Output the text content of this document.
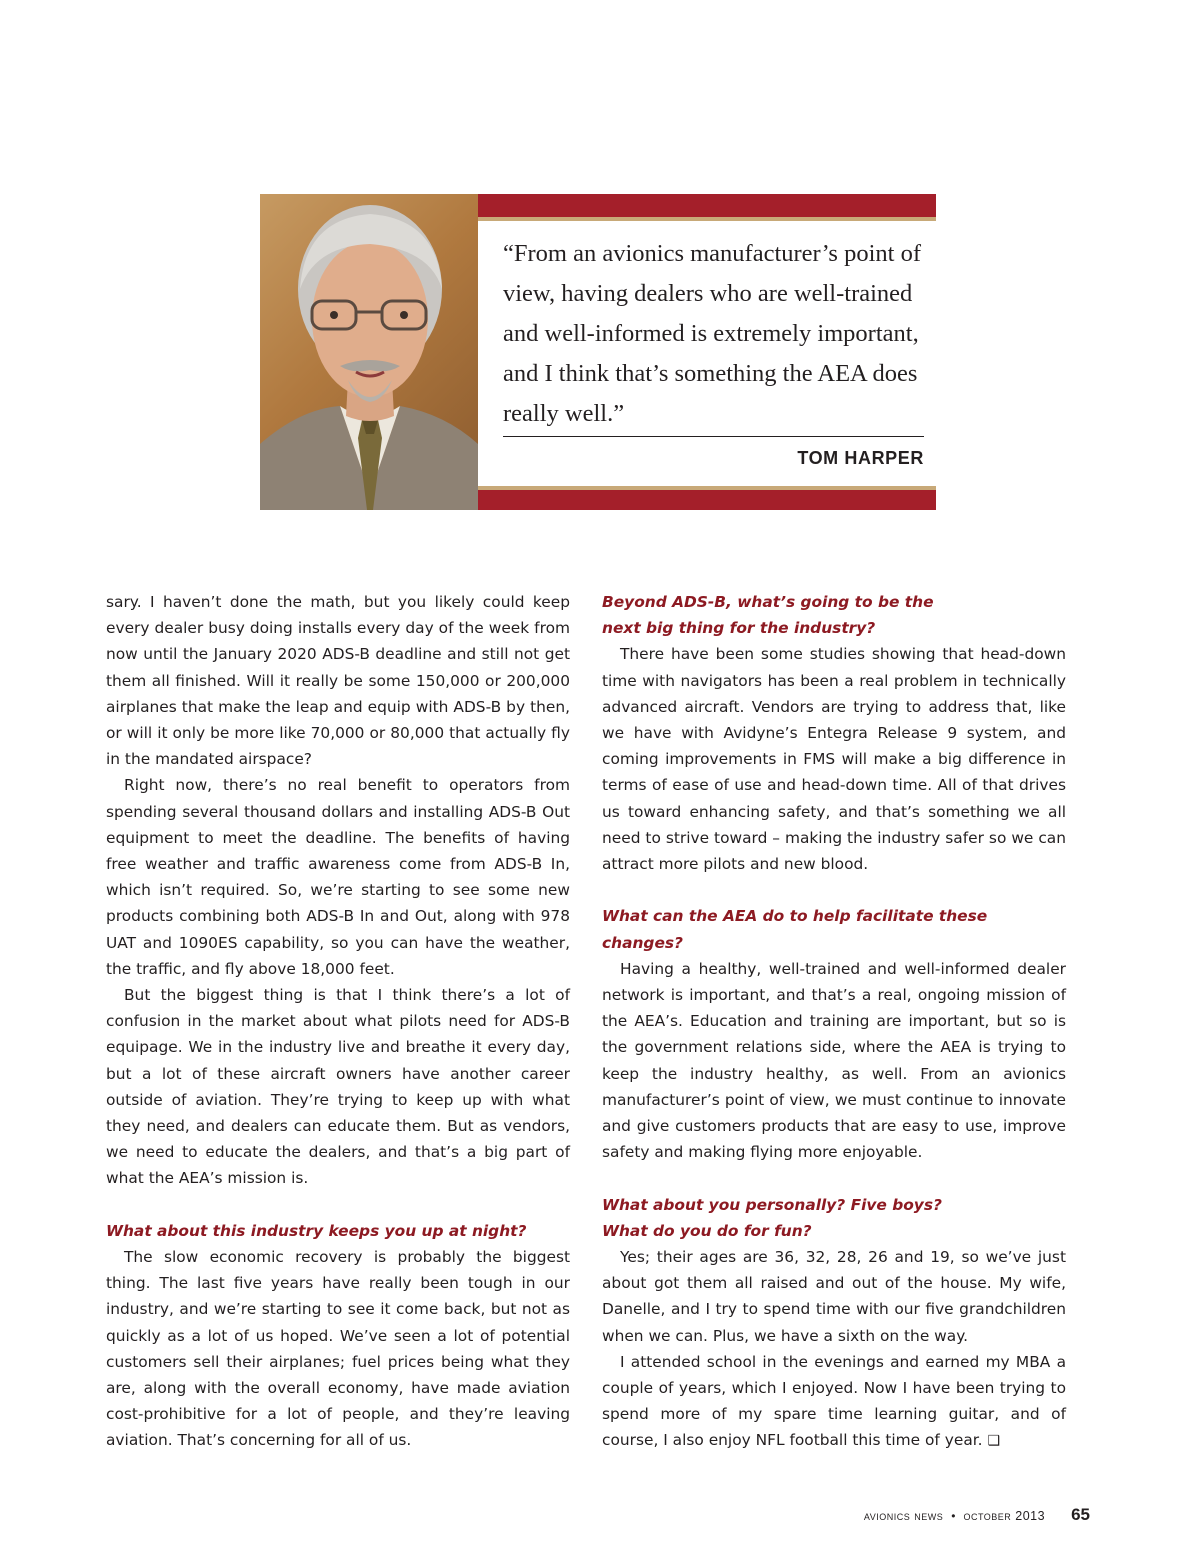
“From an avionics manufacturer’s point of view, having dealers who are well-trained and well-informed is extremely important, and I think that’s something the AEA does really well.”

TOM HARPER

sary. I haven’t done the math, but you likely could keep every dealer busy doing installs every day of the week from now until the January 2020 ADS-B deadline and still not get them all finished. Will it really be some 150,000 or 200,000 airplanes that make the leap and equip with ADS-B by then, or will it only be more like 70,000 or 80,000 that actually fly in the mandated airspace?

Right now, there’s no real benefit to operators from spending several thousand dollars and installing ADS-B Out equipment to meet the deadline. The benefits of having free weather and traffic awareness come from ADS-B In, which isn’t required. So, we’re starting to see some new products combining both ADS-B In and Out, along with 978 UAT and 1090ES capability, so you can have the weather, the traffic, and fly above 18,000 feet.

But the biggest thing is that I think there’s a lot of confusion in the market about what pilots need for ADS-B equipage. We in the industry live and breathe it every day, but a lot of these aircraft owners have another career outside of aviation. They’re trying to keep up with what they need, and dealers can educate them. But as vendors, we need to educate the dealers, and that’s a big part of what the AEA’s mission is.

What about this industry keeps you up at night?

The slow economic recovery is probably the biggest thing. The last five years have really been tough in our industry, and we’re starting to see it come back, but not as quickly as a lot of us hoped. We’ve seen a lot of potential customers sell their airplanes; fuel prices being what they are, along with the overall economy, have made aviation cost-prohibitive for a lot of people, and they’re leaving aviation. That’s concerning for all of us.

Beyond ADS-B, what’s going to be the
next big thing for the industry?

There have been some studies showing that head-down time with navigators has been a real problem in technically advanced aircraft. Vendors are trying to address that, like we have with Avidyne’s Entegra Release 9 system, and coming improvements in FMS will make a big difference in terms of ease of use and head-down time. All of that drives us toward enhancing safety, and that’s something we all need to strive toward – making the industry safer so we can attract more pilots and new blood.

What can the AEA do to help facilitate these changes?

Having a healthy, well-trained and well-informed dealer network is important, and that’s a real, ongoing mission of the AEA’s. Education and training are important, but so is the government relations side, where the AEA is trying to keep the industry healthy, as well. From an avionics manufacturer’s point of view, we must continue to innovate and give customers products that are easy to use, improve safety and making flying more enjoyable.

What about you personally? Five boys?
What do you do for fun?

Yes; their ages are 36, 32, 28, 26 and 19, so we’ve just about got them all raised and out of the house. My wife, Danelle, and I try to spend time with our five grandchildren when we can. Plus, we have a sixth on the way.

I attended school in the evenings and earned my MBA a couple of years, which I enjoyed. Now I have been trying to spend more of my spare time learning guitar, and of course, I also enjoy NFL football this time of year. ❑

avionics news • october 2013 65
